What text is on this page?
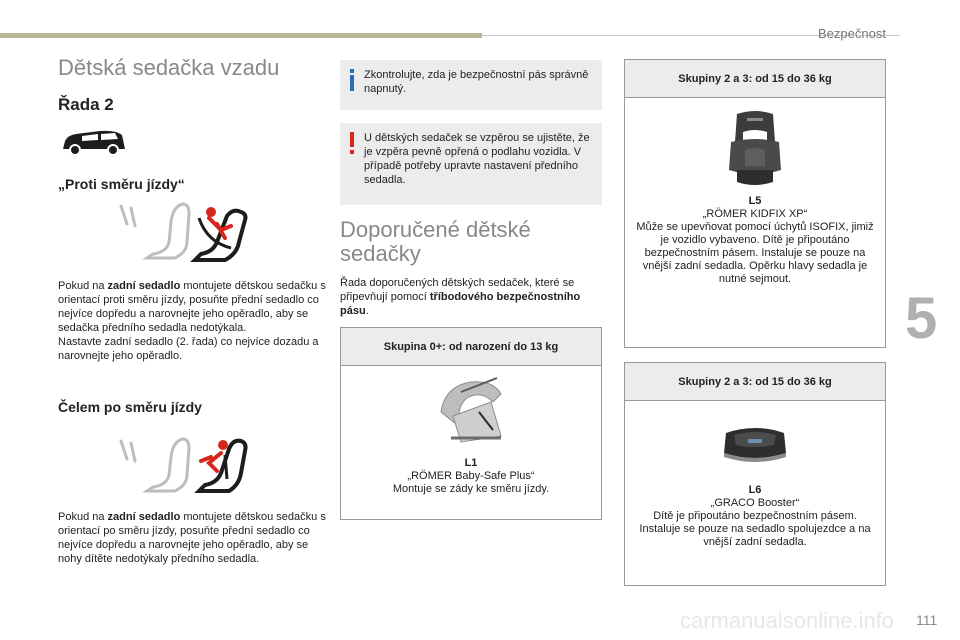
Bezpečnost
5
carmanualsonline.info 111
Dětská sedačka vzadu
Řada 2
„Proti směru jízdy“
Pokud na zadní sedadlo montujete dětskou sedačku s orientací proti směru jízdy, posuňte přední sedadlo co nejvíce dopředu a narovnejte jeho opěradlo, aby se sedačka předního sedadla nedotýkala.
Nastavte zadní sedadlo (2. řada) co nejvíce dozadu a narovnejte jeho opěradlo.
Čelem po směru jízdy
Pokud na zadní sedadlo montujete dětskou sedačku s orientací po směru jízdy, posuňte přední sedadlo co nejvíce dopředu a narovnejte jeho opěradlo, aby se nohy dítěte nedotýkaly předního sedadla.
Zkontrolujte, zda je bezpečnostní pás správně napnutý.
U dětských sedaček se vzpěrou se ujistěte, že je vzpěra pevně opřená o podlahu vozidla. V případě potřeby upravte nastavení předního sedadla.
Doporučené dětské sedačky
Řada doporučených dětských sedaček, které se připevňují pomocí tříbodového bezpečnostního pásu.
Skupina 0+: od narození do 13 kg
L1
„RÖMER Baby-Safe Plus“
Montuje se zády ke směru jízdy.
Skupiny 2 a 3: od 15 do 36 kg
L5
„RÖMER KIDFIX XP“
Může se upevňovat pomocí úchytů ISOFIX, jimiž je vozidlo vybaveno. Dítě je připoutáno bezpečnostním pásem. Instaluje se pouze na vnější zadní sedadla. Opěrku hlavy sedadla je nutné sejmout.
Skupiny 2 a 3: od 15 do 36 kg
L6
„GRACO Booster“
Dítě je připoutáno bezpečnostním pásem. Instaluje se pouze na sedadlo spolujezdce a na vnější zadní sedadla.
